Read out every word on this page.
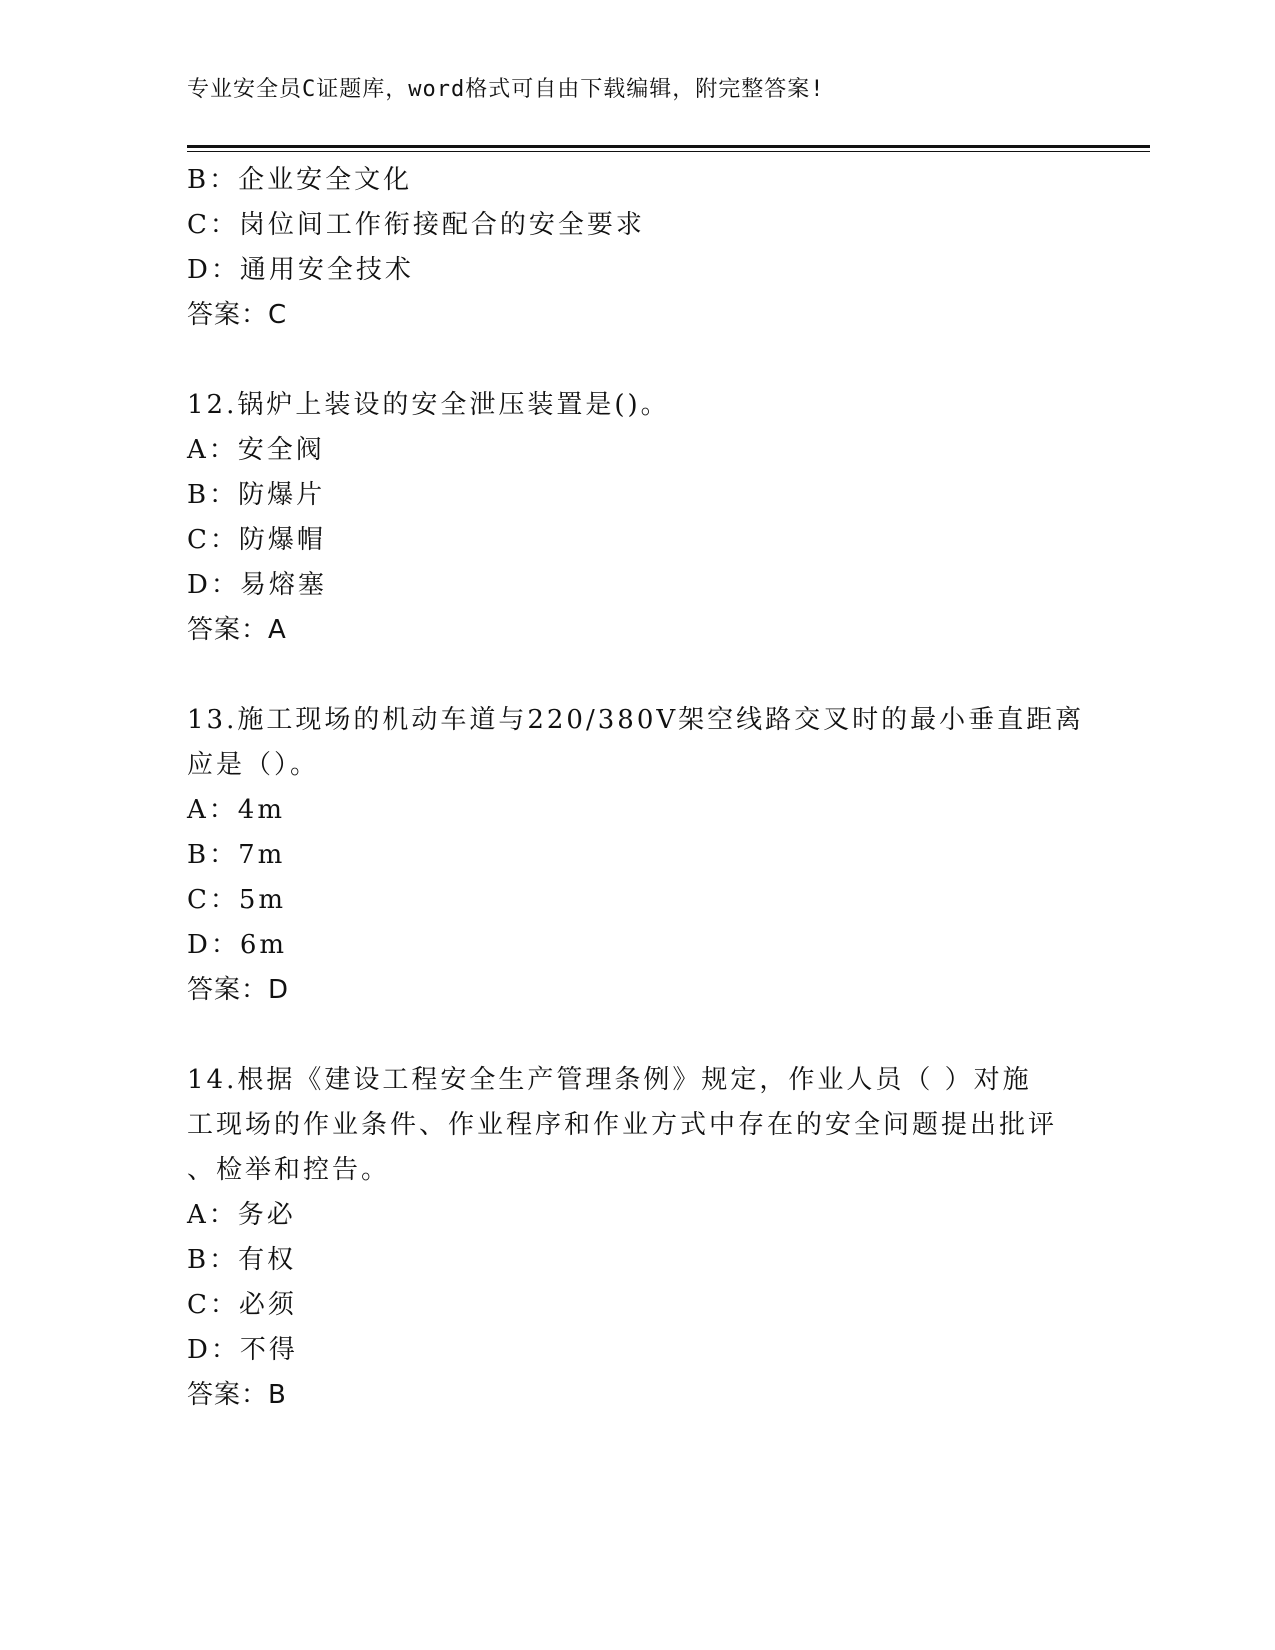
专业安全员C证题库，word格式可自由下载编辑，附完整答案!
B：企业安全文化
C：岗位间工作衔接配合的安全要求
D：通用安全技术
答案：C
12.锅炉上装设的安全泄压装置是()。
A：安全阀
B：防爆片
C：防爆帽
D：易熔塞
答案：A
13.施工现场的机动车道与220/380V架空线路交叉时的最小垂直距离
应是（）。
A：4m
B：7m
C：5m
D：6m
答案：D
14.根据《建设工程安全生产管理条例》规定，作业人员（ ）对施
工现场的作业条件、作业程序和作业方式中存在的安全问题提出批评
、检举和控告。
A：务必
B：有权
C：必须
D：不得
答案：B
